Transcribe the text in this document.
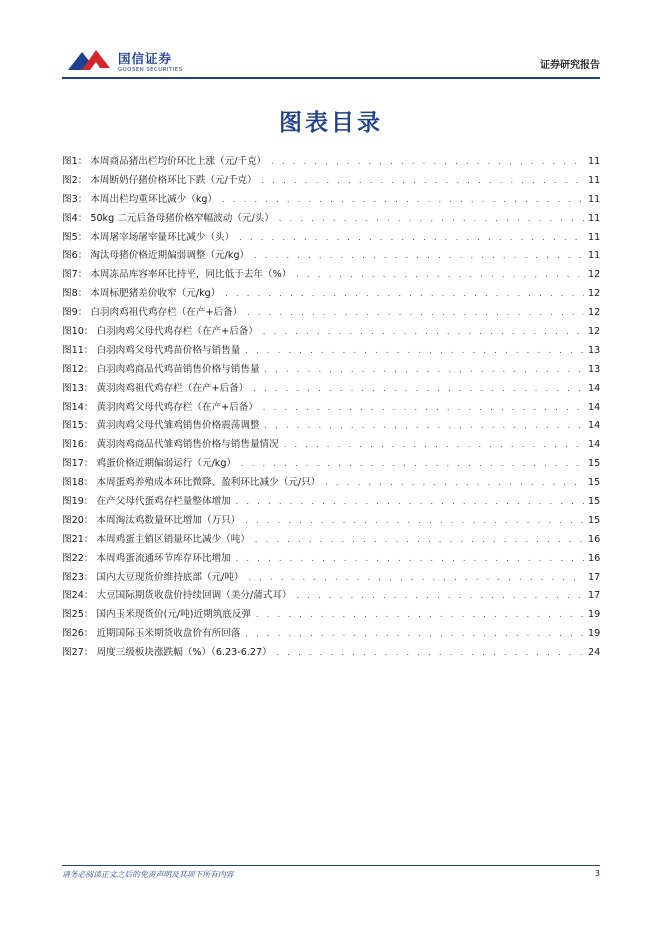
国信证券
GUOSEN SECURITIES	证券研究报告
图表目录
图1： 本周商品猪出栏均价环比上涨（元/千克） . . .	11
图2： 本周断奶仔猪价格环比下跌（元/千克） . . .	11
图3： 本周出栏均重环比减少（kg） . . .	11
图4： 50kg 二元后备母猪价格窄幅波动（元/头） . . .	11
图5： 本周屠宰场屠宰量环比减少（头） . . .	11
图6： 淘汰母猪价格近期偏弱调整（元/kg） . . .	11
图7： 本周冻品库容率环比持平，同比低于去年（%） . . .	12
图8： 本周标肥猪差价收窄（元/kg） . . .	12
图9： 白羽肉鸡祖代鸡存栏（在产+后备） . . .	12
图10： 白羽肉鸡父母代鸡存栏（在产+后备） . . .	12
图11： 白羽肉鸡父母代鸡苗价格与销售量 . . .	13
图12： 白羽肉鸡商品代鸡苗销售价格与销售量 . . .	13
图13： 黄羽肉鸡祖代鸡存栏（在产+后备） . . .	14
图14： 黄羽肉鸡父母代鸡存栏（在产+后备） . . .	14
图15： 黄羽肉鸡父母代雏鸡销售价格震荡调整 . . .	14
图16： 黄羽肉鸡商品代雏鸡销售价格与销售量情况 . . .	14
图17： 鸡蛋价格近期偏弱运行（元/kg） . . .	15
图18： 本周蛋鸡养殖成本环比微降、盈利环比减少（元/只） . . .	15
图19： 在产父母代蛋鸡存栏量整体增加 . . .	15
图20： 本周淘汰鸡数量环比增加（万只） . . .	15
图21： 本周鸡蛋主销区销量环比减少（吨） . . .	16
图22： 本周鸡蛋流通环节库存环比增加 . . .	16
图23： 国内大豆现货价维持底部（元/吨） . . .	17
图24： 大豆国际期货收盘价持续回调（美分/蒲式耳） . . .	17
图25： 国内玉米现货价(元/吨)近期筑底反弹 . . .	19
图26： 近期国际玉米期货收盘价有所回落 . . .	19
图27： 周度三级板块涨跌幅（%）（6.23-6.27） . . .	24
请务必阅读正文之后的免责声明及其项下所有内容	3
